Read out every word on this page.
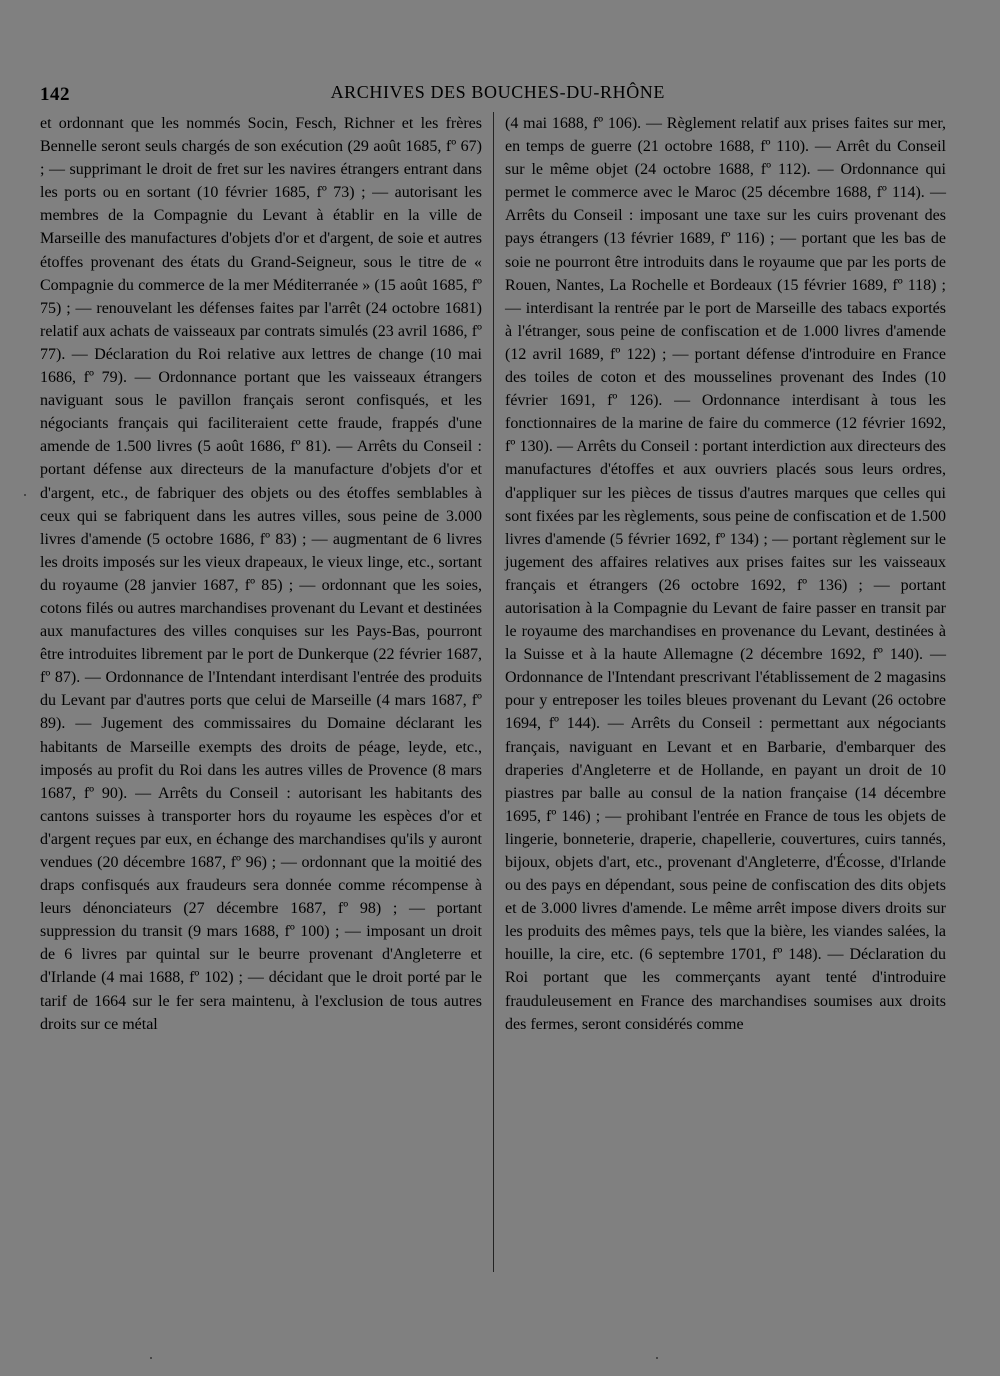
142	ARCHIVES DES BOUCHES-DU-RHÔNE

et ordonnant que les nommés Socin, Fesch, Richner et les frères Bennelle seront seuls chargés de son exécution (29 août 1685, fº 67) ; — supprimant le droit de fret sur les navires étrangers entrant dans les ports ou en sortant (10 février 1685, fº 73) ; — autorisant les membres de la Compagnie du Levant à établir en la ville de Marseille des manufactures d'objets d'or et d'argent, de soie et autres étoffes provenant des états du Grand-Seigneur, sous le titre de « Compagnie du commerce de la mer Méditerranée » (15 août 1685, fº 75) ; — renouvelant les défenses faites par l'arrêt (24 octobre 1681) relatif aux achats de vaisseaux par contrats simulés (23 avril 1686, fº 77). — Déclaration du Roi relative aux lettres de change (10 mai 1686, fº 79). — Ordonnance portant que les vaisseaux étrangers naviguant sous le pavillon français seront confisqués, et les négociants français qui faciliteraient cette fraude, frappés d'une amende de 1.500 livres (5 août 1686, fº 81). — Arrêts du Conseil : portant défense aux directeurs de la manufacture d'objets d'or et d'argent, etc., de fabriquer des objets ou des étoffes semblables à ceux qui se fabriquent dans les autres villes, sous peine de 3.000 livres d'amende (5 octobre 1686, fº 83) ; — augmentant de 6 livres les droits imposés sur les vieux drapeaux, le vieux linge, etc., sortant du royaume (28 janvier 1687, fº 85) ; — ordonnant que les soies, cotons filés ou autres marchandises provenant du Levant et destinées aux manufactures des villes conquises sur les Pays-Bas, pourront être introduites librement par le port de Dunkerque (22 février 1687, fº 87). — Ordonnance de l'Intendant interdisant l'entrée des produits du Levant par d'autres ports que celui de Marseille (4 mars 1687, fº 89). — Jugement des commissaires du Domaine déclarant les habitants de Marseille exempts des droits de péage, leyde, etc., imposés au profit du Roi dans les autres villes de Provence (8 mars 1687, fº 90). — Arrêts du Conseil : autorisant les habitants des cantons suisses à transporter hors du royaume les espèces d'or et d'argent reçues par eux, en échange des marchandises qu'ils y auront vendues (20 décembre 1687, fº 96) ; — ordonnant que la moitié des draps confisqués aux fraudeurs sera donnée comme récompense à leurs dénonciateurs (27 décembre 1687, fº 98) ; — portant suppression du transit (9 mars 1688, fº 100) ; — imposant un droit de 6 livres par quintal sur le beurre provenant d'Angleterre et d'Irlande (4 mai 1688, fº 102) ; — décidant que le droit porté par le tarif de 1664 sur le fer sera maintenu, à l'exclusion de tous autres droits sur ce métal

(4 mai 1688, fº 106). — Règlement relatif aux prises faites sur mer, en temps de guerre (21 octobre 1688, fº 110). — Arrêt du Conseil sur le même objet (24 octobre 1688, fº 112). — Ordonnance qui permet le commerce avec le Maroc (25 décembre 1688, fº 114). — Arrêts du Conseil : imposant une taxe sur les cuirs provenant des pays étrangers (13 février 1689, fº 116) ; — portant que les bas de soie ne pourront être introduits dans le royaume que par les ports de Rouen, Nantes, La Rochelle et Bordeaux (15 février 1689, fº 118) ; — interdisant la rentrée par le port de Marseille des tabacs exportés à l'étranger, sous peine de confiscation et de 1.000 livres d'amende (12 avril 1689, fº 122) ; — portant défense d'introduire en France des toiles de coton et des mousselines provenant des Indes (10 février 1691, fº 126). — Ordonnance interdisant à tous les fonctionnaires de la marine de faire du commerce (12 février 1692, fº 130). — Arrêts du Conseil : portant interdiction aux directeurs des manufactures d'étoffes et aux ouvriers placés sous leurs ordres, d'appliquer sur les pièces de tissus d'autres marques que celles qui sont fixées par les règlements, sous peine de confiscation et de 1.500 livres d'amende (5 février 1692, fº 134) ; — portant règlement sur le jugement des affaires relatives aux prises faites sur les vaisseaux français et étrangers (26 octobre 1692, fº 136) ; — portant autorisation à la Compagnie du Levant de faire passer en transit par le royaume des marchandises en provenance du Levant, destinées à la Suisse et à la haute Allemagne (2 décembre 1692, fº 140). — Ordonnance de l'Intendant prescrivant l'établissement de 2 magasins pour y entreposer les toiles bleues provenant du Levant (26 octobre 1694, fº 144). — Arrêts du Conseil : permettant aux négociants français, naviguant en Levant et en Barbarie, d'embarquer des draperies d'Angleterre et de Hollande, en payant un droit de 10 piastres par balle au consul de la nation française (14 décembre 1695, fº 146) ; — prohibant l'entrée en France de tous les objets de lingerie, bonneterie, draperie, chapellerie, couvertures, cuirs tannés, bijoux, objets d'art, etc., provenant d'Angleterre, d'Écosse, d'Irlande ou des pays en dépendant, sous peine de confiscation des dits objets et de 3.000 livres d'amende. Le même arrêt impose divers droits sur les produits des mêmes pays, tels que la bière, les viandes salées, la houille, la cire, etc. (6 septembre 1701, fº 148). — Déclaration du Roi portant que les commerçants ayant tenté d'introduire frauduleusement en France des marchandises soumises aux droits des fermes, seront considérés comme
